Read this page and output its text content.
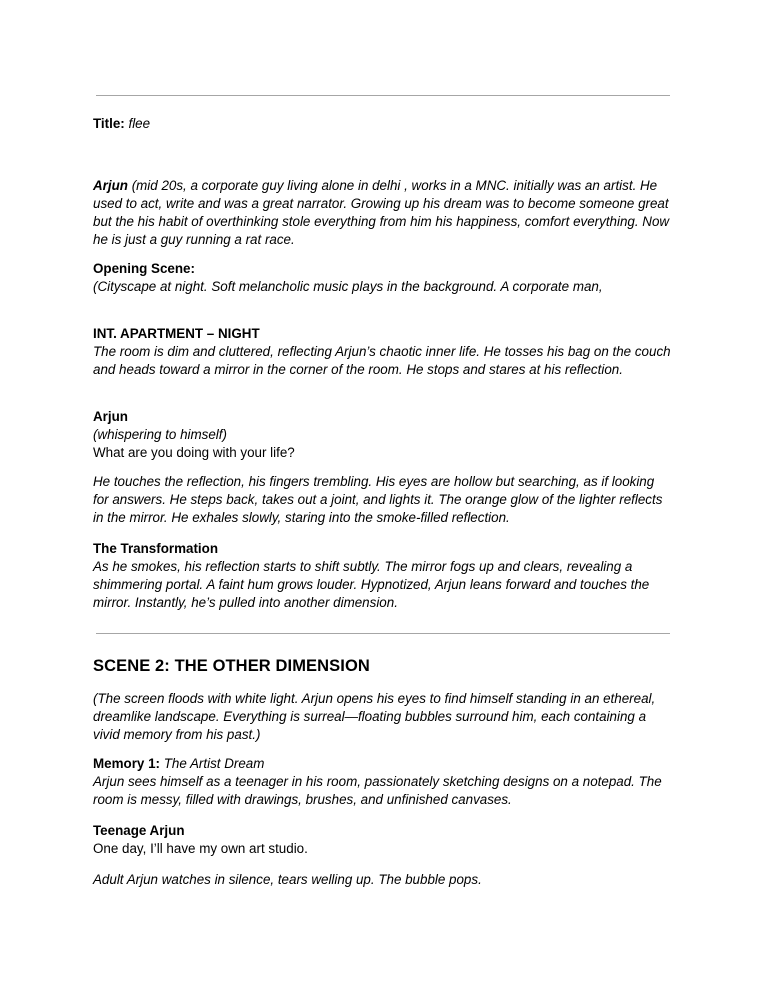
Title: flee

Arjun (mid 20s, a corporate guy living alone in delhi , works in a MNC. initially was an artist. He used to act, write and was a great narrator. Growing up his dream was to become someone great but the his habit of overthinking stole everything from him his happiness, comfort everything. Now he is just a guy running a rat race.

Opening Scene:

(Cityscape at night. Soft melancholic music plays in the background. A corporate man,

INT. APARTMENT – NIGHT

The room is dim and cluttered, reflecting Arjun’s chaotic inner life. He tosses his bag on the couch and heads toward a mirror in the corner of the room. He stops and stares at his reflection.

Arjun

(whispering to himself)

What are you doing with your life?

He touches the reflection, his fingers trembling. His eyes are hollow but searching, as if looking for answers. He steps back, takes out a joint, and lights it. The orange glow of the lighter reflects in the mirror. He exhales slowly, staring into the smoke-filled reflection.

The Transformation

As he smokes, his reflection starts to shift subtly. The mirror fogs up and clears, revealing a shimmering portal. A faint hum grows louder. Hypnotized, Arjun leans forward and touches the mirror. Instantly, he’s pulled into another dimension.

SCENE 2: THE OTHER DIMENSION

(The screen floods with white light. Arjun opens his eyes to find himself standing in an ethereal, dreamlike landscape. Everything is surreal—floating bubbles surround him, each containing a vivid memory from his past.)

Memory 1: The Artist Dream

Arjun sees himself as a teenager in his room, passionately sketching designs on a notepad. The room is messy, filled with drawings, brushes, and unfinished canvases.

Teenage Arjun

One day, I’ll have my own art studio.

Adult Arjun watches in silence, tears welling up. The bubble pops.
